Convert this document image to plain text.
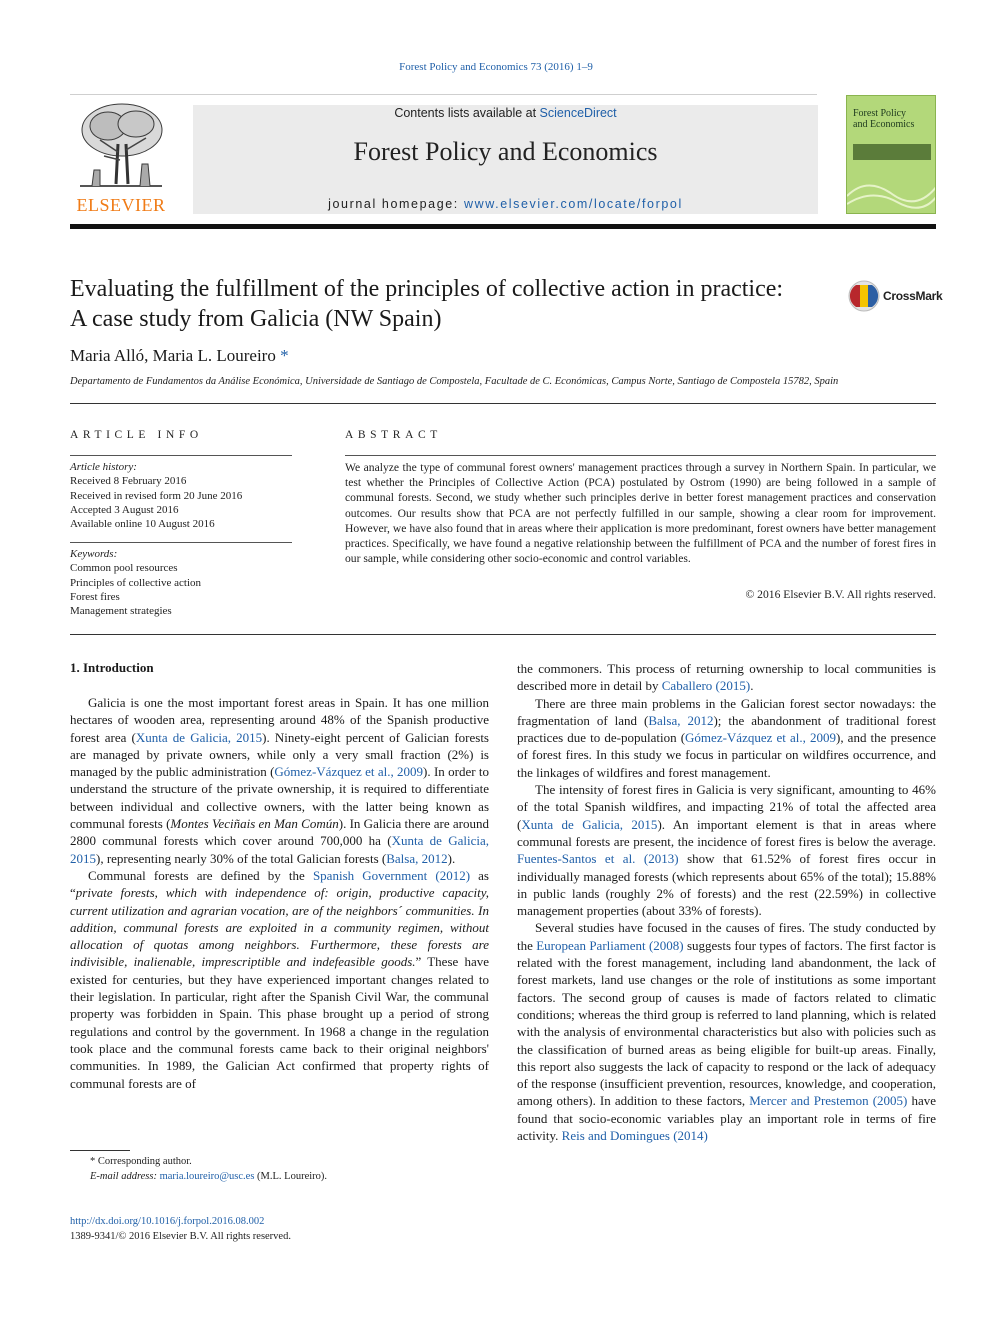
Forest Policy and Economics 73 (2016) 1–9
ELSEVIER
Contents lists available at ScienceDirect
Forest Policy and Economics
journal homepage: www.elsevier.com/locate/forpol
Forest Policy
and Economics
Evaluating the fulfillment of the principles of collective action in practice:
A case study from Galicia (NW Spain)
CrossMark
Maria Alló, Maria L. Loureiro *
Departamento de Fundamentos da Análise Económica, Universidade de Santiago de Compostela, Facultade de C. Económicas, Campus Norte, Santiago de Compostela 15782, Spain
ARTICLE INFO
Article history:
Received 8 February 2016
Received in revised form 20 June 2016
Accepted 3 August 2016
Available online 10 August 2016
Keywords:
Common pool resources
Principles of collective action
Forest fires
Management strategies
ABSTRACT
We analyze the type of communal forest owners' management practices through a survey in Northern Spain. In particular, we test whether the Principles of Collective Action (PCA) postulated by Ostrom (1990) are being followed in a sample of communal forests. Second, we study whether such principles derive in better forest management practices and conservation outcomes. Our results show that PCA are not perfectly fulfilled in our sample, showing a clear room for improvement. However, we have also found that in areas where their application is more predominant, forest owners have better management practices. Specifically, we have found a negative relationship between the fulfillment of PCA and the number of forest fires in our sample, while considering other socio-economic and control variables.
© 2016 Elsevier B.V. All rights reserved.
1. Introduction

Galicia is one the most important forest areas in Spain. It has one million hectares of wooden area, representing around 48% of the Spanish productive forest area (Xunta de Galicia, 2015). Ninety-eight percent of Galician forests are managed by private owners, while only a very small fraction (2%) is managed by the public administration (Gómez-Vázquez et al., 2009). In order to understand the structure of the private ownership, it is required to differentiate between individual and collective owners, with the latter being known as communal forests (Montes Veciñais en Man Común). In Galicia there are around 2800 communal forests which cover around 700,000 ha (Xunta de Galicia, 2015), representing nearly 30% of the total Galician forests (Balsa, 2012).

Communal forests are defined by the Spanish Government (2012) as “private forests, which with independence of: origin, productive capacity, current utilization and agrarian vocation, are of the neighbors´ communities. In addition, communal forests are exploited in a community regimen, without allocation of quotas among neighbors. Furthermore, these forests are indivisible, inalienable, imprescriptible and indefeasible goods.” These have existed for centuries, but they have experienced important changes related to their legislation. In particular, right after the Spanish Civil War, the communal property was forbidden in Spain. This phase brought up a period of strong regulations and control by the government. In 1968 a change in the regulation took place and the communal forests came back to their original neighbors' communities. In 1989, the Galician Act confirmed that property rights of communal forests are of

the commoners. This process of returning ownership to local communities is described more in detail by Caballero (2015).

There are three main problems in the Galician forest sector nowadays: the fragmentation of land (Balsa, 2012); the abandonment of traditional forest practices due to de-population (Gómez-Vázquez et al., 2009), and the presence of forest fires. In this study we focus in particular on wildfires occurrence, and the linkages of wildfires and forest management.

The intensity of forest fires in Galicia is very significant, amounting to 46% of the total Spanish wildfires, and impacting 21% of total the affected area (Xunta de Galicia, 2015). An important element is that in areas where communal forests are present, the incidence of forest fires is below the average. Fuentes-Santos et al. (2013) show that 61.52% of forest fires occur in individually managed forests (which represents about 65% of the total); 15.88% in public lands (roughly 2% of forests) and the rest (22.59%) in collective management properties (about 33% of forests).

Several studies have focused in the causes of fires. The study conducted by the European Parliament (2008) suggests four types of factors. The first factor is related with the forest management, including land abandonment, the lack of forest markets, land use changes or the role of institutions as some important factors. The second group of causes is made of factors related to climatic conditions; whereas the third group is referred to land planning, which is related with the analysis of environmental characteristics but also with policies such as the classification of burned areas as being eligible for built-up areas. Finally, this report also suggests the lack of capacity to respond or the lack of adequacy of the response (insufficient prevention, resources, knowledge, and cooperation, among others). In addition to these factors, Mercer and Prestemon (2005) have found that socio-economic variables play an important role in terms of fire activity. Reis and Domingues (2014)

* Corresponding author.
E-mail address: maria.loureiro@usc.es (M.L. Loureiro).
http://dx.doi.org/10.1016/j.forpol.2016.08.002
1389-9341/© 2016 Elsevier B.V. All rights reserved.
